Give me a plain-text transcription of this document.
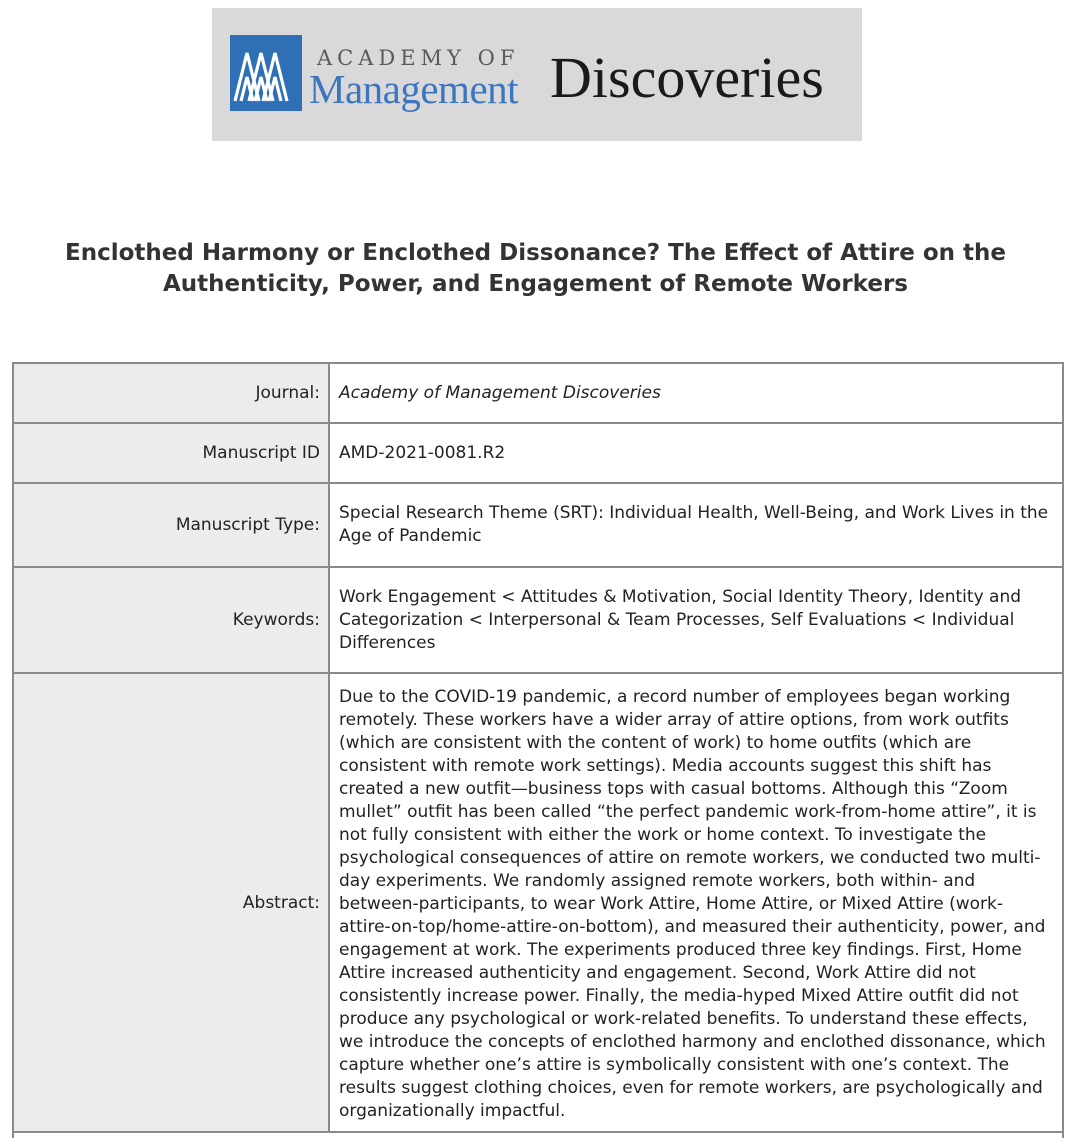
ACADEMY OF
Management Discoveries
Enclothed Harmony or Enclothed Dissonance? The Effect of Attire on the Authenticity, Power, and Engagement of Remote Workers
Journal:	Academy of Management Discoveries
Manuscript ID	AMD-2021-0081.R2
Manuscript Type:	Special Research Theme (SRT): Individual Health, Well-Being, and Work Lives in the Age of Pandemic
Keywords:	Work Engagement < Attitudes & Motivation, Social Identity Theory, Identity and Categorization < Interpersonal & Team Processes, Self Evaluations < Individual Differences
Abstract:	Due to the COVID-19 pandemic, a record number of employees began working remotely. These workers have a wider array of attire options, from work outfits (which are consistent with the content of work) to home outfits (which are consistent with remote work settings). Media accounts suggest this shift has created a new outfit—business tops with casual bottoms. Although this “Zoom mullet” outfit has been called “the perfect pandemic work-from-home attire”, it is not fully consistent with either the work or home context. To investigate the psychological consequences of attire on remote workers, we conducted two multi-day experiments. We randomly assigned remote workers, both within- and between-participants, to wear Work Attire, Home Attire, or Mixed Attire (work-attire-on-top/home-attire-on-bottom), and measured their authenticity, power, and engagement at work. The experiments produced three key findings. First, Home Attire increased authenticity and engagement. Second, Work Attire did not consistently increase power. Finally, the media-hyped Mixed Attire outfit did not produce any psychological or work-related benefits. To understand these effects, we introduce the concepts of enclothed harmony and enclothed dissonance, which capture whether one’s attire is symbolically consistent with one’s context. The results suggest clothing choices, even for remote workers, are psychologically and organizationally impactful.
